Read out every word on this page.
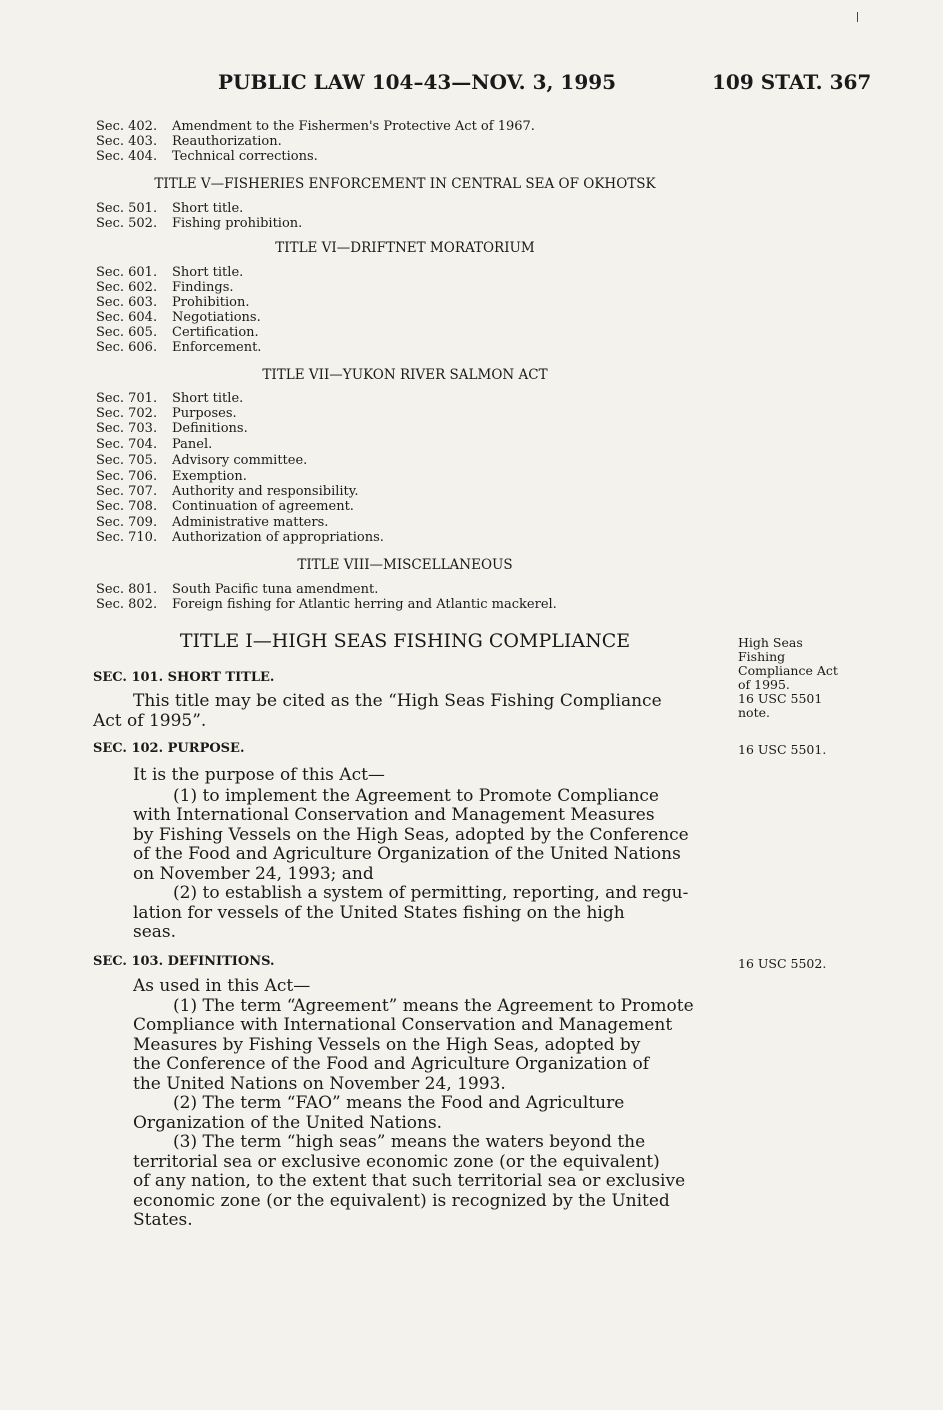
PUBLIC LAW 104–43—NOV. 3, 1995	109 STAT. 367
Sec. 402. Amendment to the Fishermen's Protective Act of 1967.
Sec. 403. Reauthorization.
Sec. 404. Technical corrections.
TITLE V—FISHERIES ENFORCEMENT IN CENTRAL SEA OF OKHOTSK
Sec. 501. Short title.
Sec. 502. Fishing prohibition.
TITLE VI—DRIFTNET MORATORIUM
Sec. 601. Short title.
Sec. 602. Findings.
Sec. 603. Prohibition.
Sec. 604. Negotiations.
Sec. 605. Certification.
Sec. 606. Enforcement.
TITLE VII—YUKON RIVER SALMON ACT
Sec. 701. Short title.
Sec. 702. Purposes.
Sec. 703. Definitions.
Sec. 704. Panel.
Sec. 705. Advisory committee.
Sec. 706. Exemption.
Sec. 707. Authority and responsibility.
Sec. 708. Continuation of agreement.
Sec. 709. Administrative matters.
Sec. 710. Authorization of appropriations.
TITLE VIII—MISCELLANEOUS
Sec. 801. South Pacific tuna amendment.
Sec. 802. Foreign fishing for Atlantic herring and Atlantic mackerel.
TITLE I—HIGH SEAS FISHING COMPLIANCE
SEC. 101. SHORT TITLE.
This title may be cited as the “High Seas Fishing Compliance
Act of 1995”.
SEC. 102. PURPOSE.
It is the purpose of this Act—
(1) to implement the Agreement to Promote Compliance
with International Conservation and Management Measures
by Fishing Vessels on the High Seas, adopted by the Conference
of the Food and Agriculture Organization of the United Nations
on November 24, 1993; and
(2) to establish a system of permitting, reporting, and regu-
lation for vessels of the United States fishing on the high
seas.
SEC. 103. DEFINITIONS.
As used in this Act—
(1) The term “Agreement” means the Agreement to Promote
Compliance with International Conservation and Management
Measures by Fishing Vessels on the High Seas, adopted by
the Conference of the Food and Agriculture Organization of
the United Nations on November 24, 1993.
(2) The term “FAO” means the Food and Agriculture
Organization of the United Nations.
(3) The term “high seas” means the waters beyond the
territorial sea or exclusive economic zone (or the equivalent)
of any nation, to the extent that such territorial sea or exclusive
economic zone (or the equivalent) is recognized by the United
States.
High Seas
Fishing
Compliance Act
of 1995.
16 USC 5501
note.
16 USC 5501.
16 USC 5502.
